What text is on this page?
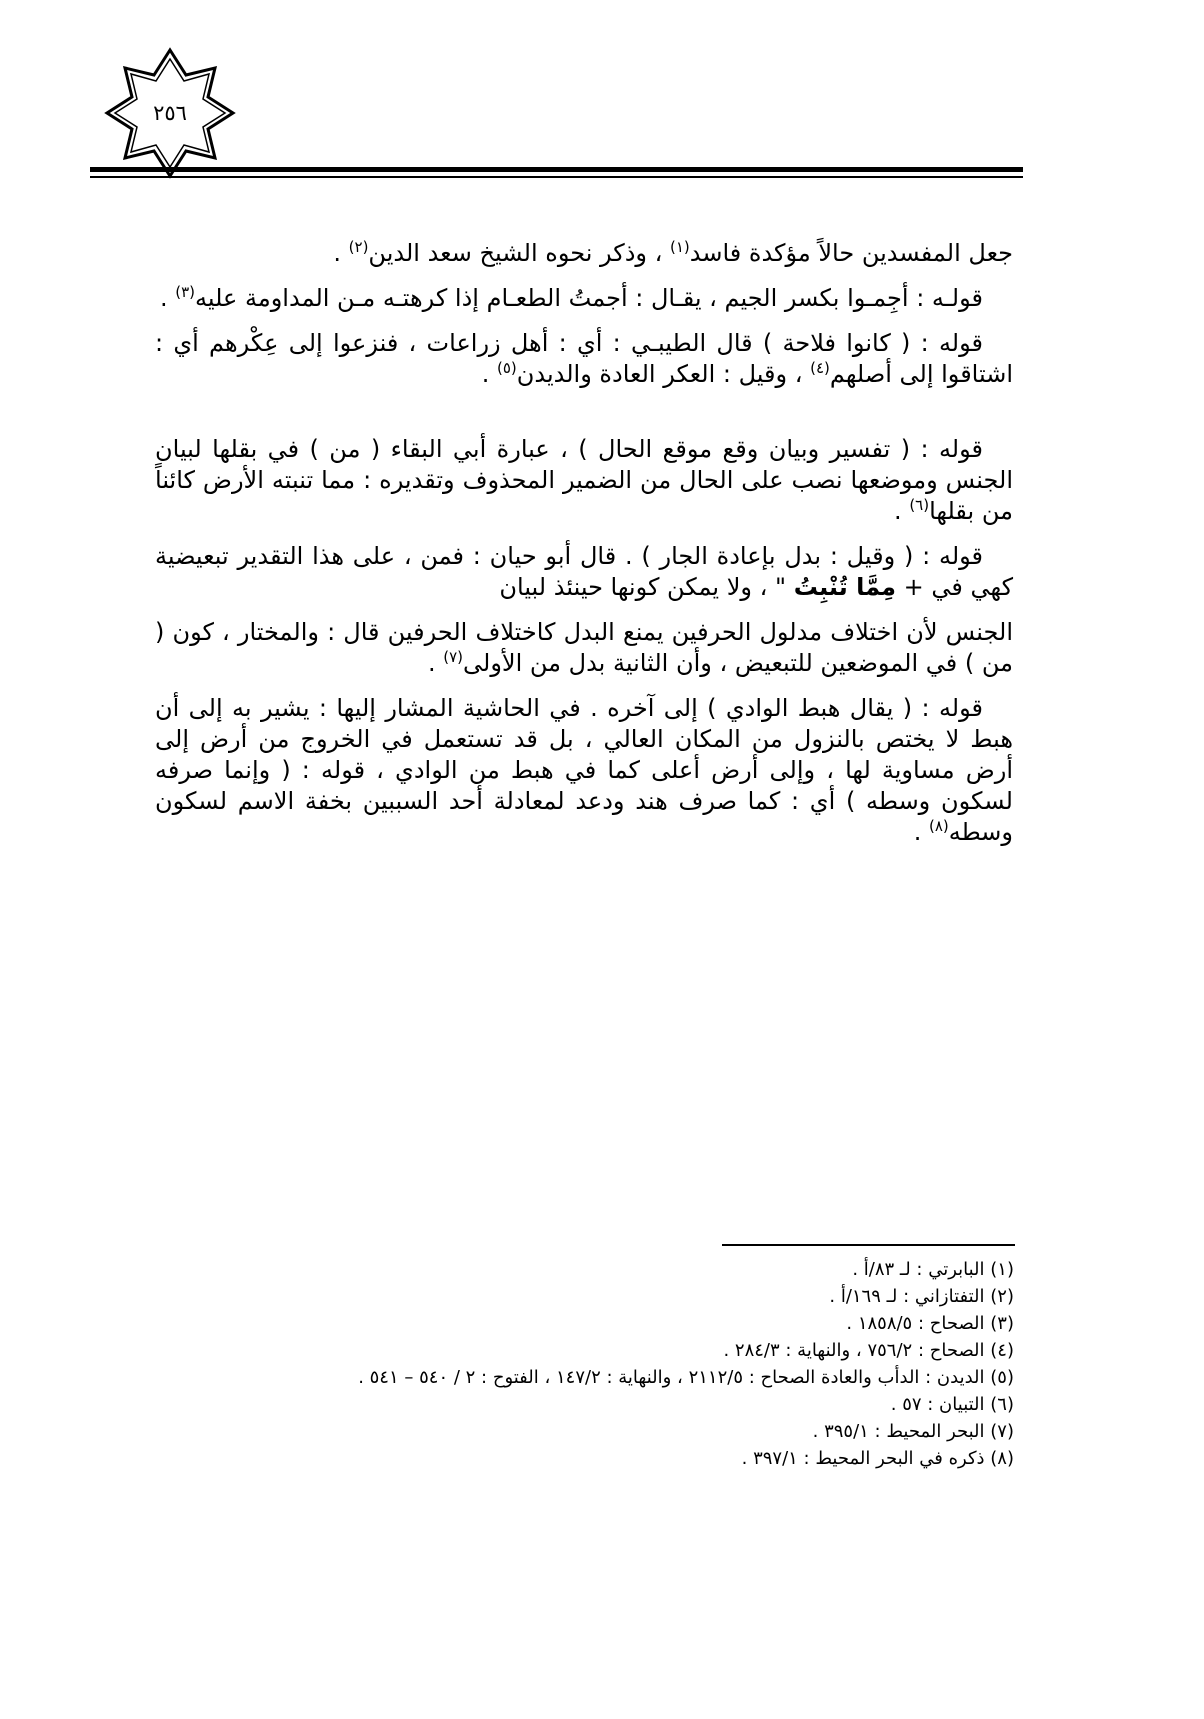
٢٥٦

جعل المفسدين حالاً مؤكدة فاسد$^{(١)}$ ، وذكر نحوه الشيخ سعد الدين$^{(٢)}$ .

قولـه : أجِمـوا بكسر الجيم ، يقـال : أجمتُ الطعـام إذا كرهتـه مـن المداومة عليه$^{(٣)}$ .

قوله : ( كانوا فلاحة ) قال الطيبـي : أي : أهل زراعات ، فنزعوا إلى عِكْرهم أي : اشتاقوا إلى أصلهم$^{(٤)}$ ، وقيل : العكر العادة والديدن$^{(٥)}$ .

قوله : ( تفسير وبيان وقع موقع الحال ) ، عبارة أبي البقاء ( من ) في بقلها لبيان الجنس وموضعها نصب على الحال من الضمير المحذوف وتقديره : مما تنبته الأرض كائناً من بقلها$^{(٦)}$ .

قوله : ( وقيل : بدل بإعادة الجار ) . قال أبو حيان : فمن ، على هذا التقدير تبعيضية كهي في + مِمَّا تُنْبِتُ " ، ولا يمكن كونها حينئذ لبيان

الجنس لأن اختلاف مدلول الحرفين يمنع البدل كاختلاف الحرفين قال : والمختار ، كون ( من ) في الموضعين للتبعيض ، وأن الثانية بدل من الأولى$^{(٧)}$ .

قوله : ( يقال هبط الوادي ) إلى آخره . في الحاشية المشار إليها : يشير به إلى أن هبط لا يختص بالنزول من المكان العالي ، بل قد تستعمل في الخروج من أرض إلى أرض مساوية لها ، وإلى أرض أعلى كما في هبط من الوادي ، قوله : ( وإنما صرفه لسكون وسطه ) أي : كما صرف هند ودعد لمعادلة أحد السببين بخفة الاسم لسكون وسطه$^{(٨)}$ .

(١) البابرتي : لـ ٨٣/أ .
(٢) التفتازاني : لـ ١٦٩/أ .
(٣) الصحاح : ١٨٥٨/٥ .
(٤) الصحاح : ٧٥٦/٢ ، والنهاية : ٢٨٤/٣ .
(٥) الديدن : الدأب والعادة الصحاح : ٢١١٢/٥ ، والنهاية : ١٤٧/٢ ، الفتوح : ٢ / ٥٤٠ – ٥٤١ .
(٦) التبيان : ٥٧ .
(٧) البحر المحيط : ٣٩٥/١ .
(٨) ذكره في البحر المحيط : ٣٩٧/١ .
